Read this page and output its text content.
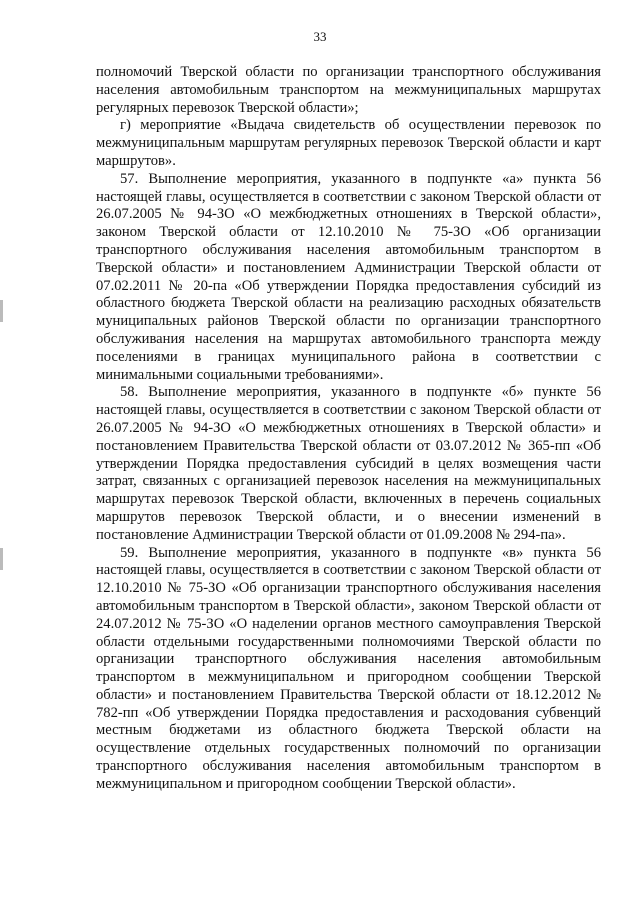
33

полномочий Тверской области по организации транспортного обслуживания населения автомобильным транспортом на межмуниципальных маршрутах регулярных перевозок Тверской области»;

г) мероприятие «Выдача свидетельств об осуществлении перевозок по межмуниципальным маршрутам регулярных перевозок Тверской области и карт маршрутов».

57. Выполнение мероприятия, указанного в подпункте «а» пункта 56 настоящей главы, осуществляется в соответствии с законом Тверской области от 26.07.2005 № 94-ЗО «О межбюджетных отношениях в Тверской области», законом Тверской области от 12.10.2010 № 75-ЗО «Об организации транспортного обслуживания населения автомобильным транспортом в Тверской области» и постановлением Администрации Тверской области от 07.02.2011 № 20-па «Об утверждении Порядка предоставления субсидий из областного бюджета Тверской области на реализацию расходных обязательств муниципальных районов Тверской области по организации транспортного обслуживания населения на маршрутах автомобильного транспорта между поселениями в границах муниципального района в соответствии с минимальными социальными требованиями».

58. Выполнение мероприятия, указанного в подпункте «б» пункте 56 настоящей главы, осуществляется в соответствии с законом Тверской области от 26.07.2005 № 94-ЗО «О межбюджетных отношениях в Тверской области» и постановлением Правительства Тверской области от 03.07.2012 № 365-пп «Об утверждении Порядка предоставления субсидий в целях возмещения части затрат, связанных с организацией перевозок населения на межмуниципальных маршрутах перевозок Тверской области, включенных в перечень социальных маршрутов перевозок Тверской области, и о внесении изменений в постановление Администрации Тверской области от 01.09.2008 № 294-па».

59. Выполнение мероприятия, указанного в подпункте «в» пункта 56 настоящей главы, осуществляется в соответствии с законом Тверской области от 12.10.2010 № 75-ЗО «Об организации транспортного обслуживания населения автомобильным транспортом в Тверской области», законом Тверской области от 24.07.2012 № 75-ЗО «О наделении органов местного самоуправления Тверской области отдельными государственными полномочиями Тверской области по организации транспортного обслуживания населения автомобильным транспортом в межмуниципальном и пригородном сообщении Тверской области» и постановлением Правительства Тверской области от 18.12.2012 № 782-пп «Об утверждении Порядка предоставления и расходования субвенций местным бюджетами из областного бюджета Тверской области на осуществление отдельных государственных полномочий по организации транспортного обслуживания населения автомобильным транспортом в межмуниципальном и пригородном сообщении Тверской области».
